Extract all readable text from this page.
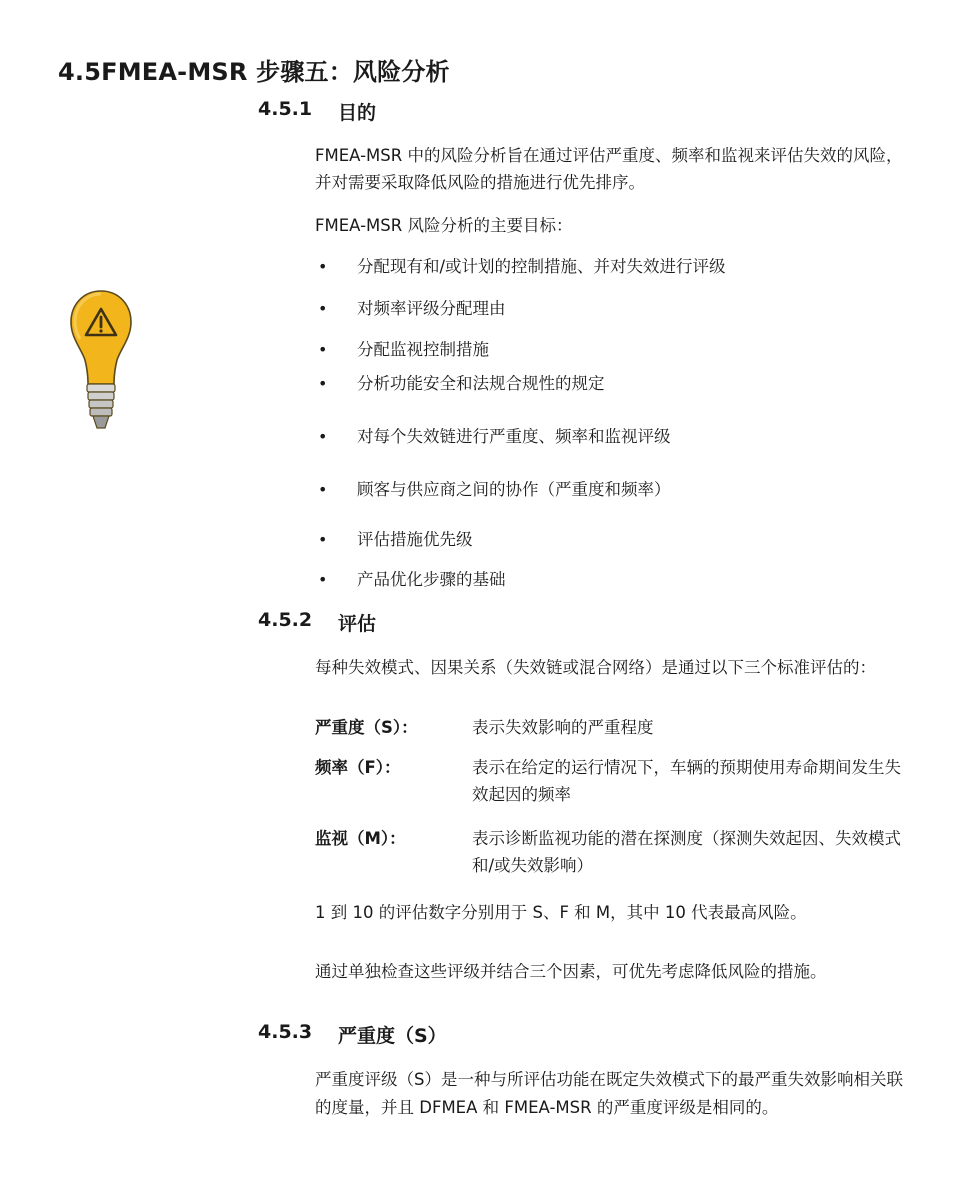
4.5FMEA-MSR 步骤五：风险分析
4.5.1 目的

FMEA-MSR 中的风险分析旨在通过评估严重度、频率和监视来评估失效的风险，并对需要采取降低风险的措施进行优先排序。

FMEA-MSR 风险分析的主要目标：

• 分配现有和/或计划的控制措施、并对失效进行评级
• 对频率评级分配理由
• 分配监视控制措施
• 分析功能安全和法规合规性的规定
• 对每个失效链进行严重度、频率和监视评级
• 顾客与供应商之间的协作（严重度和频率）
• 评估措施优先级
• 产品优化步骤的基础
4.5.2 评估

每种失效模式、因果关系（失效链或混合网络）是通过以下三个标准评估的：

严重度（S）：	表示失效影响的严重程度

频率（F）：	表示在给定的运行情况下，车辆的预期使用寿命期间发生失效起因的频率

监视（M）：	表示诊断监视功能的潜在探测度（探测失效起因、失效模式和/或失效影响）

1 到 10 的评估数字分别用于 S、F 和 M，其中 10 代表最高风险。

通过单独检查这些评级并结合三个因素，可优先考虑降低风险的措施。

4.5.3 严重度（S）

严重度评级（S）是一种与所评估功能在既定失效模式下的最严重失效影响相关联的度量，并且 DFMEA 和 FMEA-MSR 的严重度评级是相同的。
